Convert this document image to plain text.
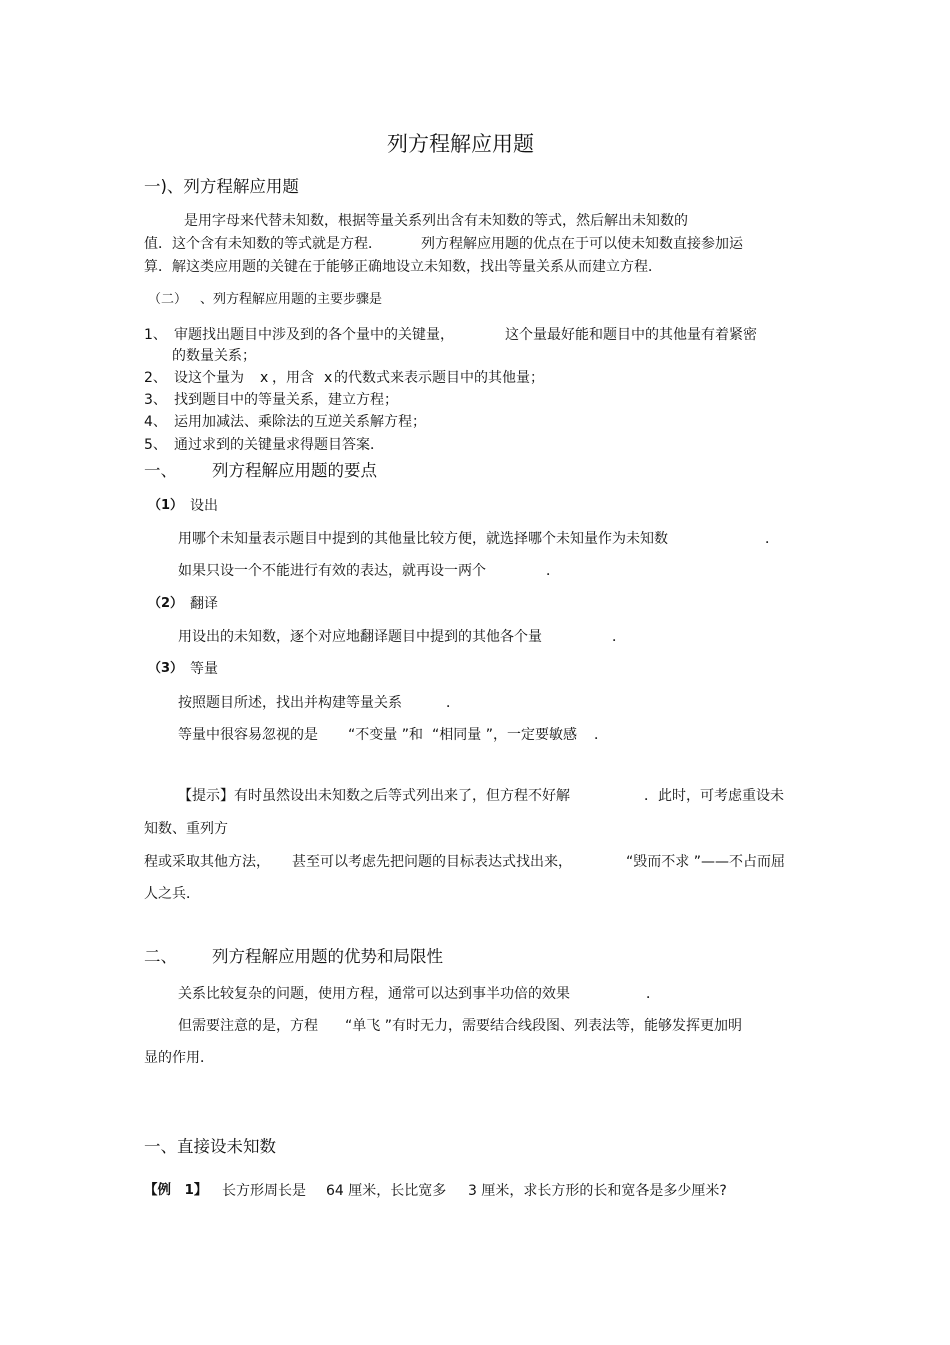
列方程解应用题
一)、列方程解应用题
是用字母来代替未知数，根据等量关系列出含有未知数的等式，然后解出未知数的
值．这个含有未知数的等式就是方程．	列方程解应用题的优点在于可以使未知数直接参加运
算．解这类应用题的关键在于能够正确地设立未知数，找出等量关系从而建立方程．
（二） 、列方程解应用题的主要步骤是
1、 审题找出题目中涉及到的各个量中的关键量，	这个量最好能和题目中的其他量有着紧密
的数量关系；
2、 设这个量为 x ，用含 x 的代数式来表示题目中的其他量；
3、 找到题目中的等量关系，建立方程；
4、 运用加减法、乘除法的互逆关系解方程；
5、 通过求到的关键量求得题目答案．
一、 列方程解应用题的要点
（1） 设出
用哪个未知量表示题目中提到的其他量比较方便，就选择哪个未知量作为未知数	．
如果只设一个不能进行有效的表达，就再设一两个	．
（2） 翻译
用设出的未知数，逐个对应地翻译题目中提到的其他各个量	．
（3） 等量
按照题目所述，找出并构建等量关系	．
等量中很容易忽视的是 “不变量 ”和 “相同量 ”，一定要敏感 ．
【提示】有时虽然设出未知数之后等式列出来了，但方程不好解	．此时，可考虑重设未
知数、重列方
程或采取其他方法， 甚至可以考虑先把问题的目标表达式找出来，	“毁而不求 ”——不占而屈
人之兵．
二、 列方程解应用题的优势和局限性
关系比较复杂的问题，使用方程，通常可以达到事半功倍的效果	．
但需要注意的是，方程 “单飞 ”有时无力，需要结合线段图、列表法等，能够发挥更加明
显的作用．
一、直接设未知数
【例　1】 长方形周长是 64 厘米，长比宽多 3 厘米，求长方形的长和宽各是多少厘米?
